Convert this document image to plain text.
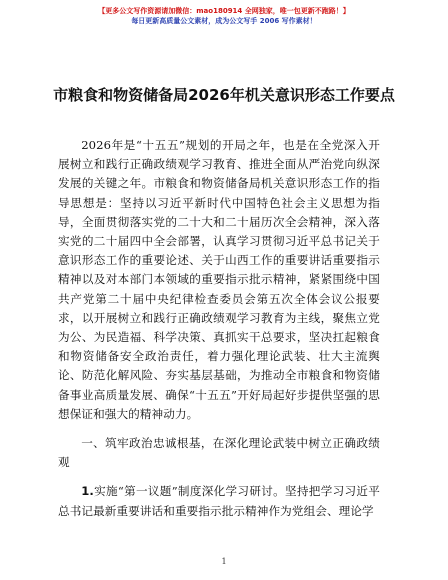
【更多公文写作资源请加微信：mao180914 全网独家，唯一包更新不跑路！】
每日更新高质量公文素材，成为公文写手 2006 写作素材！
市粮食和物资储备局2026年机关意识形态工作要点

2026年是“十五五”规划的开局之年，也是在全党深入开展树立和践行正确政绩观学习教育、推进全面从严治党向纵深发展的关键之年。市粮食和物资储备局机关意识形态工作的指导思想是：坚持以习近平新时代中国特色社会主义思想为指导，全面贯彻落实党的二十大和二十届历次全会精神，深入落实党的二十届四中全会部署，认真学习贯彻习近平总书记关于意识形态工作的重要论述、关于山西工作的重要讲话重要指示精神以及对本部门本领域的重要指示批示精神，紧紧围绕中国共产党第二十届中央纪律检查委员会第五次全体会议公报要求，以开展树立和践行正确政绩观学习教育为主线，聚焦立党为公、为民造福、科学决策、真抓实干总要求，坚决扛起粮食和物资储备安全政治责任，着力强化理论武装、壮大主流舆论、防范化解风险、夯实基层基础，为推动全市粮食和物资储备事业高质量发展、确保“十五五”开好局起好步提供坚强的思想保证和强大的精神动力。

一、筑牢政治忠诚根基，在深化理论武装中树立正确政绩观

1.实施“第一议题”制度深化学习研讨。坚持把学习习近平总书记最新重要讲话和重要指示批示精神作为党组会、理论学

1
